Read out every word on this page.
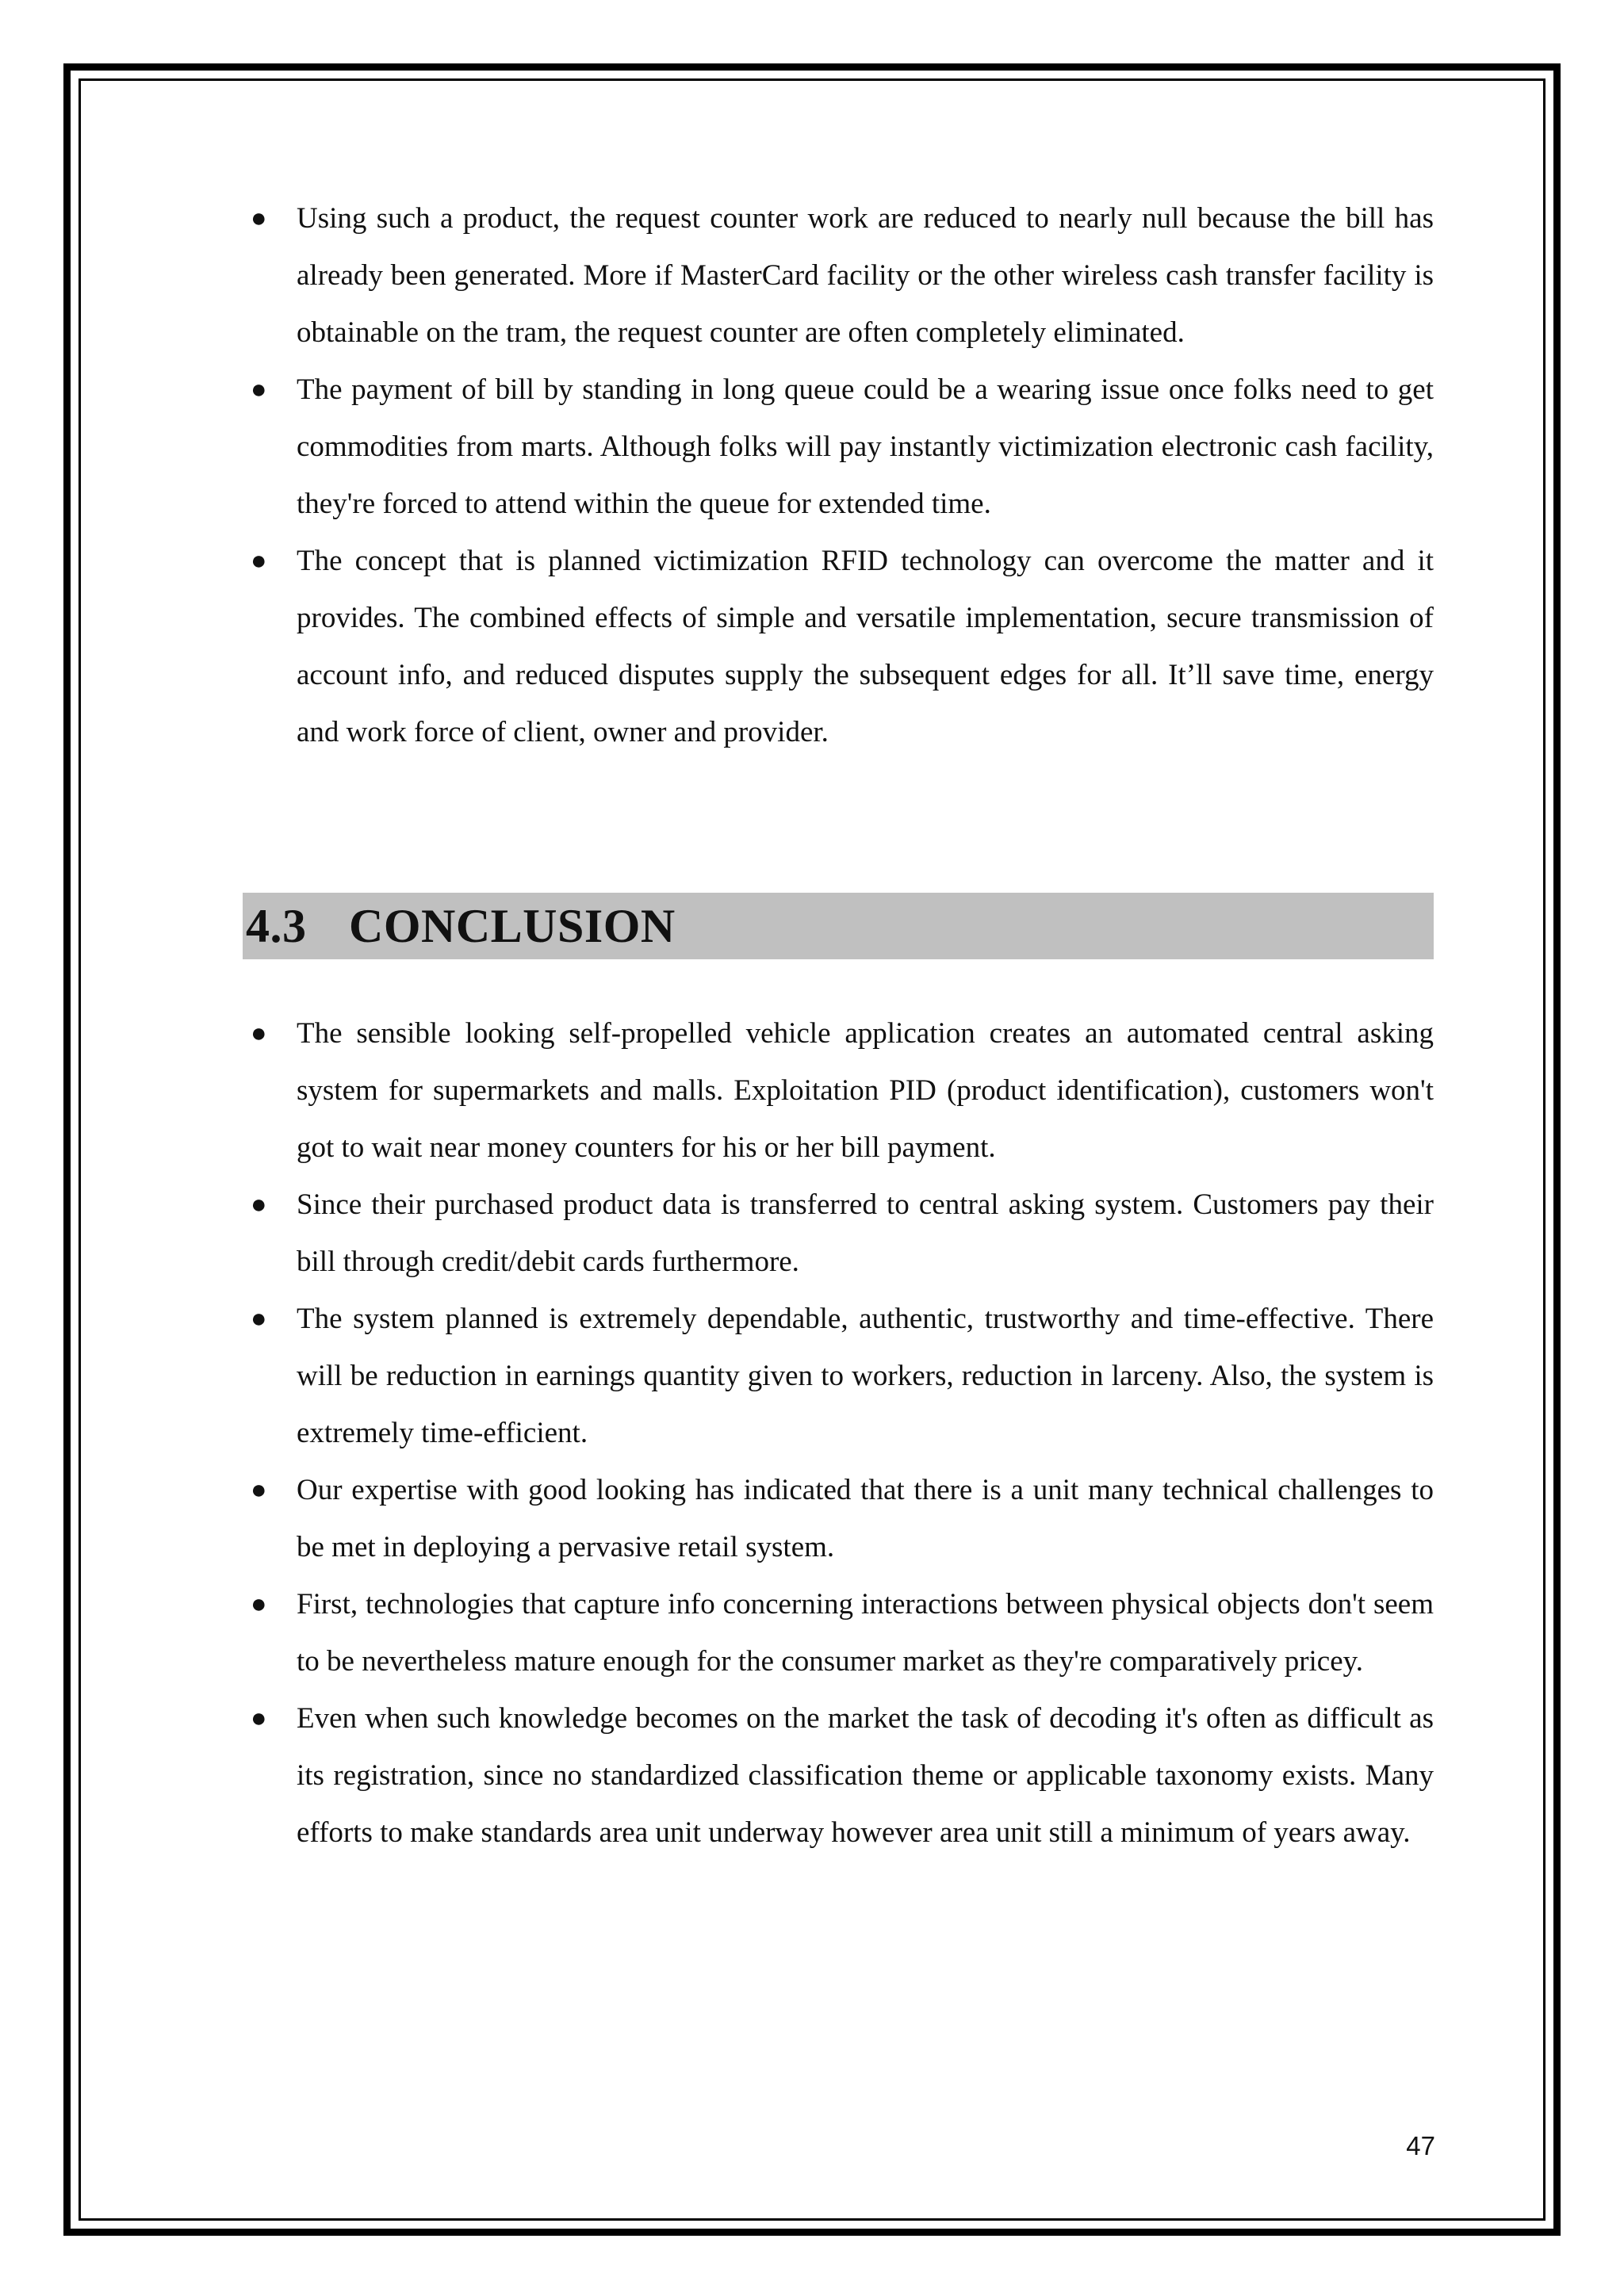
● Using such a product, the request counter work are reduced to nearly null because the bill has already been generated. More if MasterCard facility or the other wireless cash transfer facility is obtainable on the tram, the request counter are often completely eliminated.
● The payment of bill by standing in long queue could be a wearing issue once folks need to get commodities from marts. Although folks will pay instantly victimization electronic cash facility, they're forced to attend within the queue for extended time.
● The concept that is planned victimization RFID technology can overcome the matter and it provides. The combined effects of simple and versatile implementation, secure transmission of account info, and reduced disputes supply the subsequent edges for all. It’ll save time, energy and work force of client, owner and provider.
4.3 CONCLUSION
● The sensible looking self-propelled vehicle application creates an automated central asking system for supermarkets and malls. Exploitation PID (product identification), customers won't got to wait near money counters for his or her bill payment.
● Since their purchased product data is transferred to central asking system. Customers pay their bill through credit/debit cards furthermore.
● The system planned is extremely dependable, authentic, trustworthy and time-effective. There will be reduction in earnings quantity given to workers, reduction in larceny. Also, the system is extremely time-efficient.
● Our expertise with good looking has indicated that there is a unit many technical challenges to be met in deploying a pervasive retail system.
● First, technologies that capture info concerning interactions between physical objects don't seem to be nevertheless mature enough for the consumer market as they're comparatively pricey.
● Even when such knowledge becomes on the market the task of decoding it's often as difficult as its registration, since no standardized classification theme or applicable taxonomy exists. Many efforts to make standards area unit underway however area unit still a minimum of years away.
47
